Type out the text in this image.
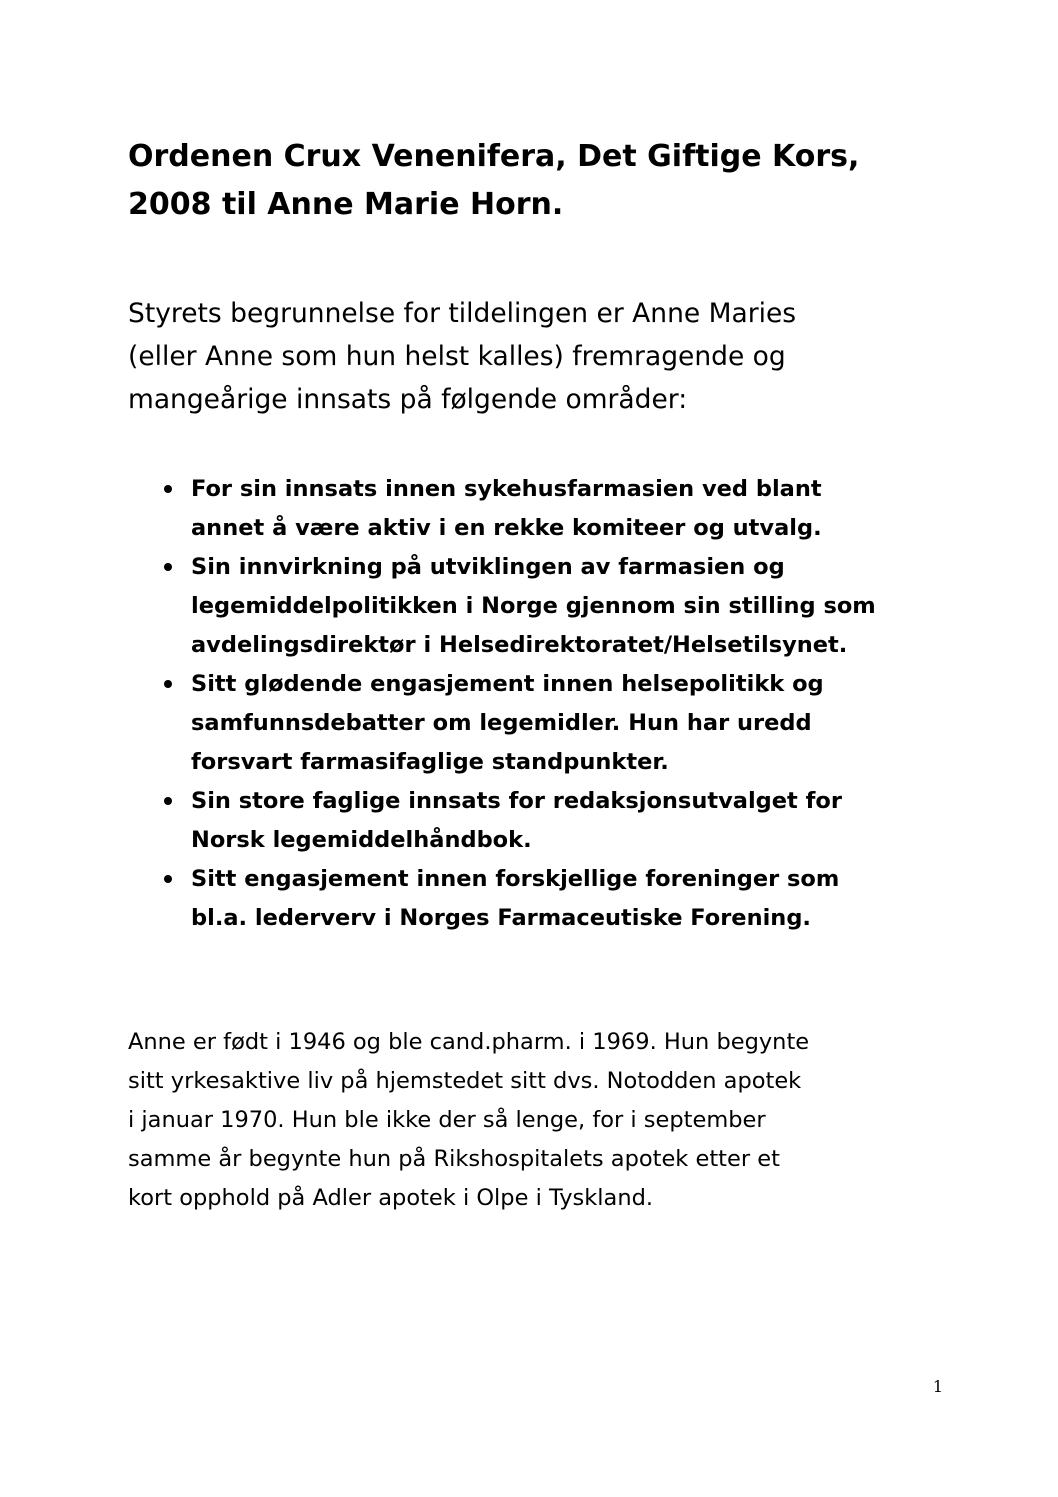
Ordenen Crux Venenifera, Det Giftige Kors,
2008 til Anne Marie Horn.

Styrets begrunnelse for tildelingen er Anne Maries
(eller Anne som hun helst kalles) fremragende og
mangeårige innsats på følgende områder:

For sin innsats innen sykehusfarmasien ved blant
annet å være aktiv i en rekke komiteer og utvalg.
Sin innvirkning på utviklingen av farmasien og
legemiddelpolitikken i Norge gjennom sin stilling som
avdelingsdirektør i Helsedirektoratet/Helsetilsynet.
Sitt glødende engasjement innen helsepolitikk og
samfunnsdebatter om legemidler. Hun har uredd
forsvart farmasifaglige standpunkter.
Sin store faglige innsats for redaksjonsutvalget for
Norsk legemiddelhåndbok.
Sitt engasjement innen forskjellige foreninger som
bl.a. lederverv i Norges Farmaceutiske Forening.

Anne er født i 1946 og ble cand.pharm. i 1969. Hun begynte
sitt yrkesaktive liv på hjemstedet sitt dvs. Notodden apotek
i januar 1970. Hun ble ikke der så lenge, for i september
samme år begynte hun på Rikshospitalets apotek etter et
kort opphold på Adler apotek i Olpe i Tyskland.

1
